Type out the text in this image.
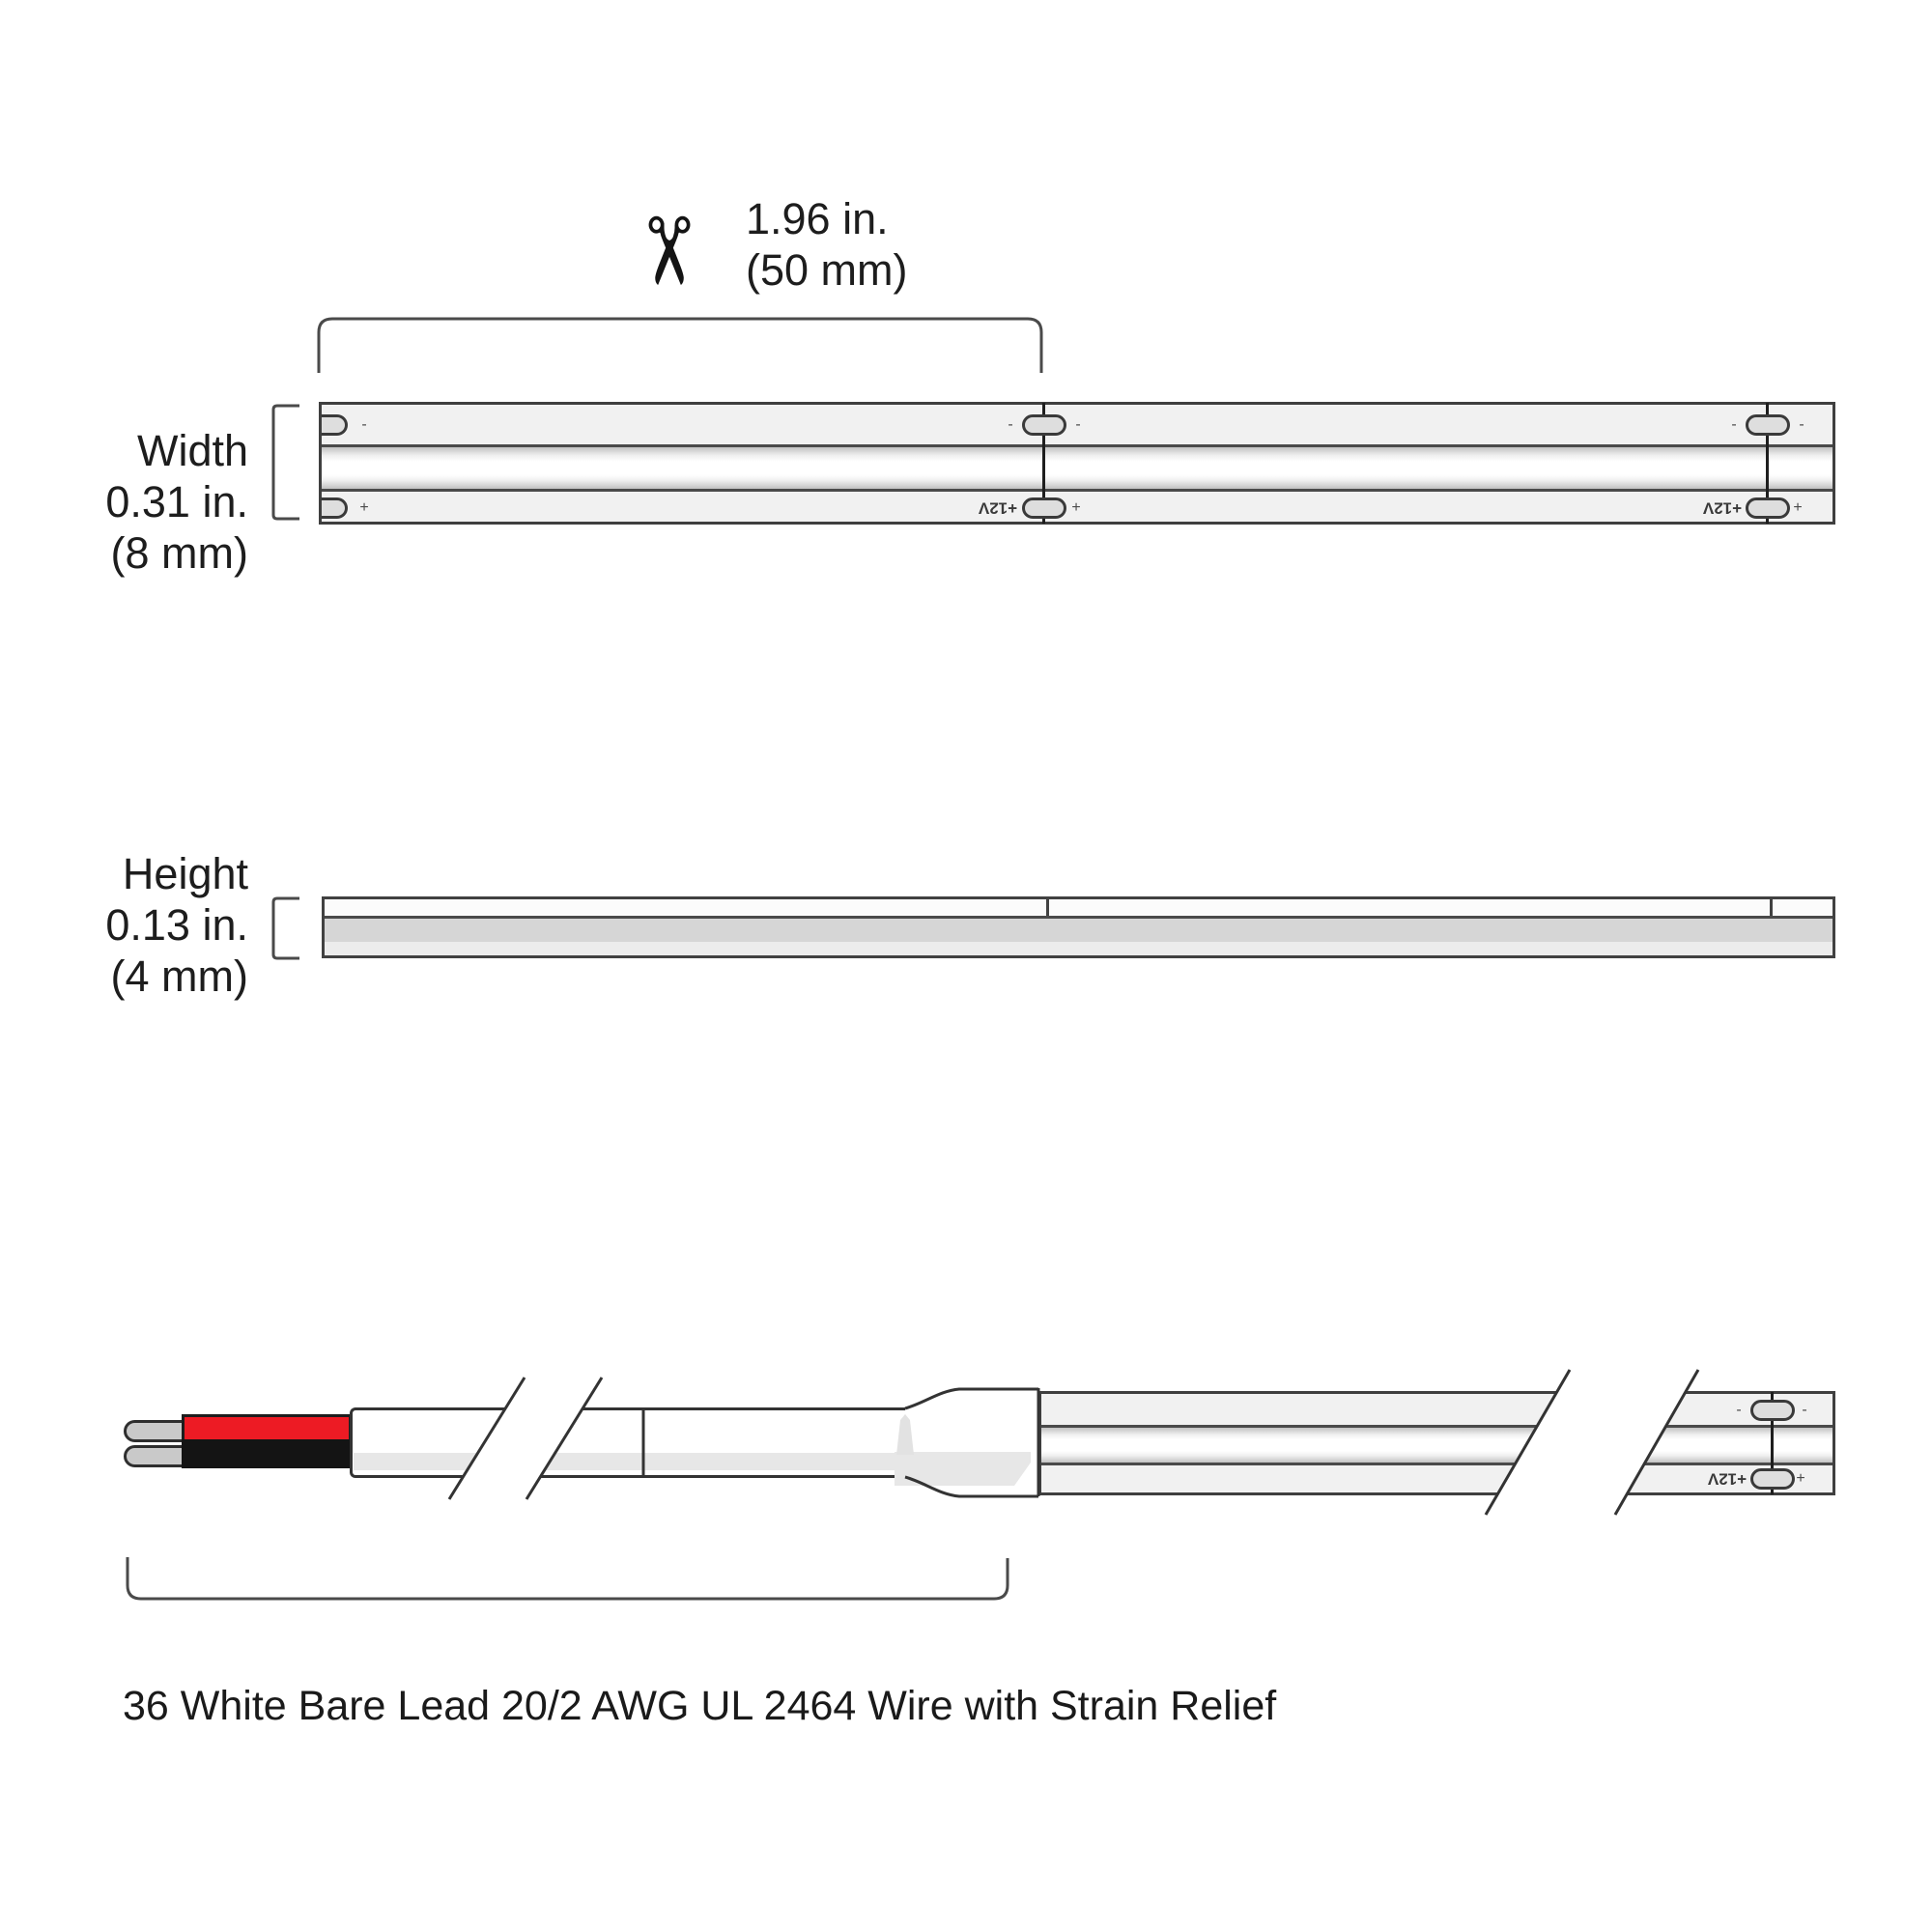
✂ 1.96 in.
(50 mm)
-
+
-	-
+12V	+
-	-
+12V	+
Width
0.31 in.
(8 mm)
Height
0.13 in.
(4 mm)
-	-
+12V	+
36 White Bare Lead 20/2 AWG UL 2464 Wire with Strain Relief
